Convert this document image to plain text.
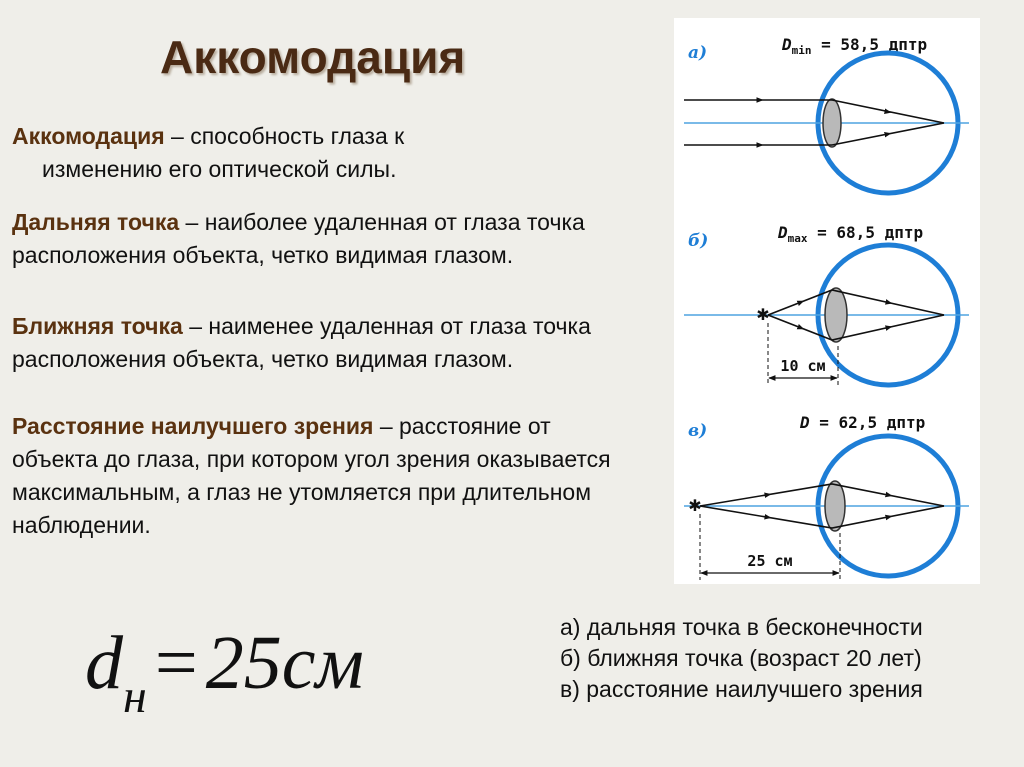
Аккомодация

Аккомодация – способность глаза к
изменению его оптической силы.

Дальняя точка – наиболее удаленная от глаза точка расположения объекта, четко видимая глазом.

Ближняя точка – наименее удаленная от глаза точка расположения объекта, четко видимая глазом.

Расстояние наилучшего зрения – расстояние от объекта до глаза, при котором угол зрения оказывается максимальным, а глаз не утомляется при длительном наблюдении.

$d_н = 25см$
а)	$D_{min} = 58,5$ дптр
б)	$D_{max} = 68,5$ дптр
✱
10 см
в)	D = 62,5 дптр
✱
25 см
а) дальняя точка в бесконечности
б) ближняя точка (возраст 20 лет)
в) расстояние наилучшего зрения
